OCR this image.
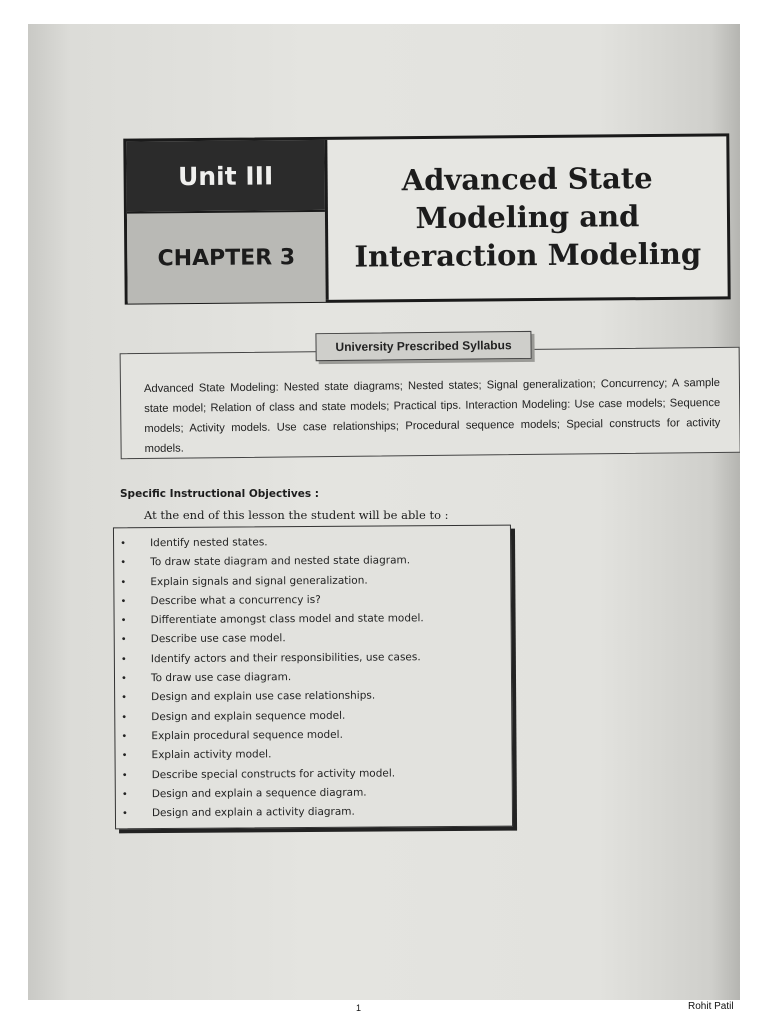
Unit III
CHAPTER 3
Advanced State
Modeling and
Interaction Modeling
University Prescribed Syllabus
Advanced State Modeling: Nested state diagrams; Nested states; Signal generalization; Concurrency; A sample state model; Relation of class and state models; Practical tips. Interaction Modeling: Use case models; Sequence models; Activity models. Use case relationships; Procedural sequence models; Special constructs for activity models.
Specific Instructional Objectives :
At the end of this lesson the student will be able to :
• Identify nested states.
• To draw state diagram and nested state diagram.
• Explain signals and signal generalization.
• Describe what a concurrency is?
• Differentiate amongst class model and state model.
• Describe use case model.
• Identify actors and their responsibilities, use cases.
• To draw use case diagram.
• Design and explain use case relationships.
• Design and explain sequence model.
• Explain procedural sequence model.
• Explain activity model.
• Describe special constructs for activity model.
• Design and explain a sequence diagram.
• Design and explain a activity diagram.
1	Rohit Patil
